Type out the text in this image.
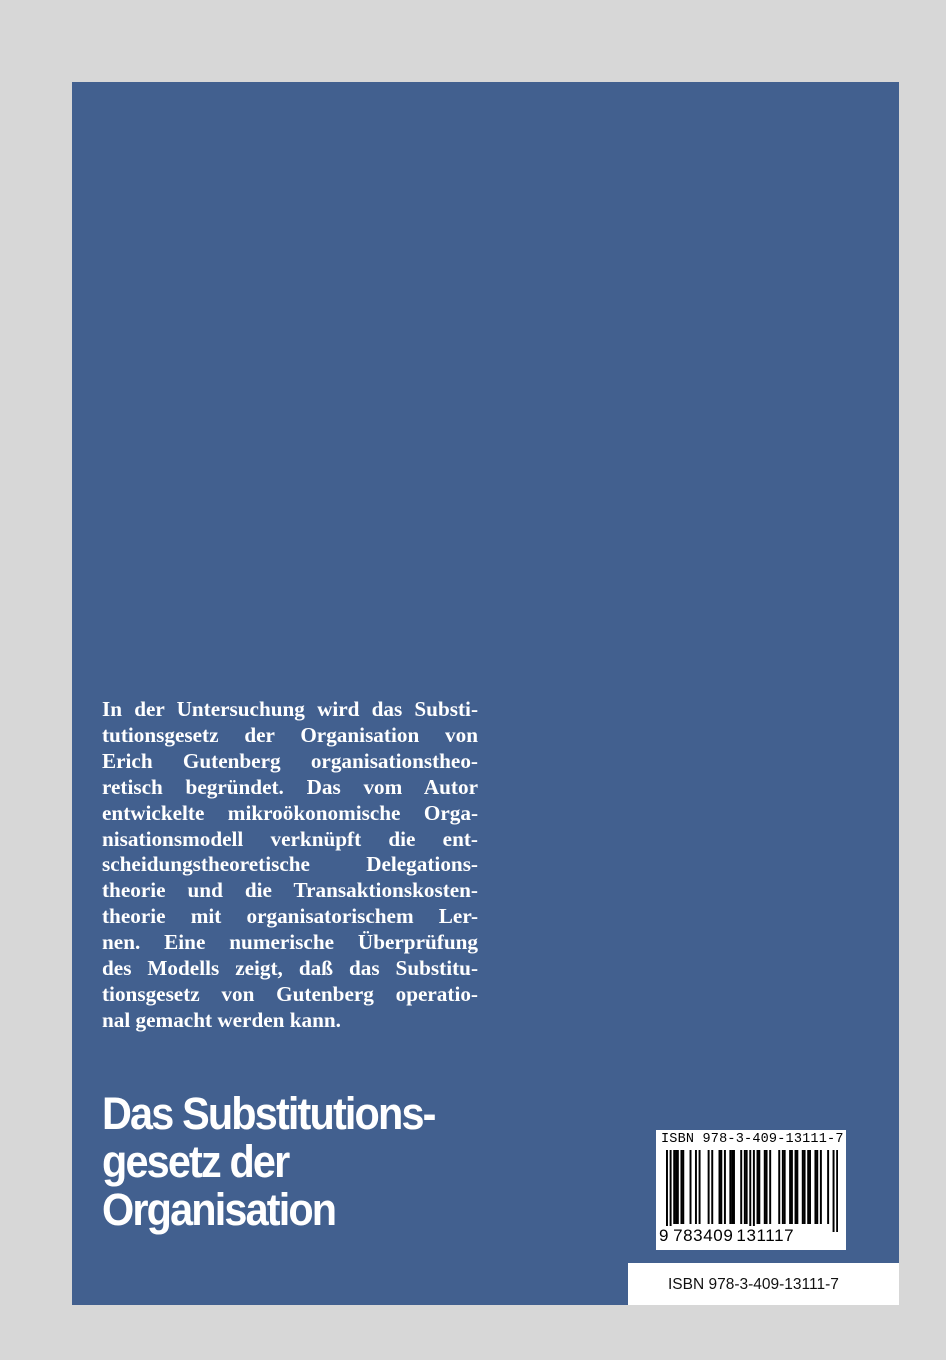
In der Untersuchung wird das Substi-
tutionsgesetz der Organisation von
Erich Gutenberg organisationstheo-
retisch begründet. Das vom Autor
entwickelte mikroökonomische Orga-
nisationsmodell verknüpft die ent-
scheidungstheoretische Delegations-
theorie und die Transaktionskosten-
theorie mit organisatorischem Ler-
nen. Eine numerische Überprüfung
des Modells zeigt, daß das Substitu-
tionsgesetz von Gutenberg operatio-
nal gemacht werden kann.
Das Substitutions-
gesetz der
Organisation
ISBN 978-3-409-13111-7
9 783409 131117
ISBN 978-3-409-13111-7
